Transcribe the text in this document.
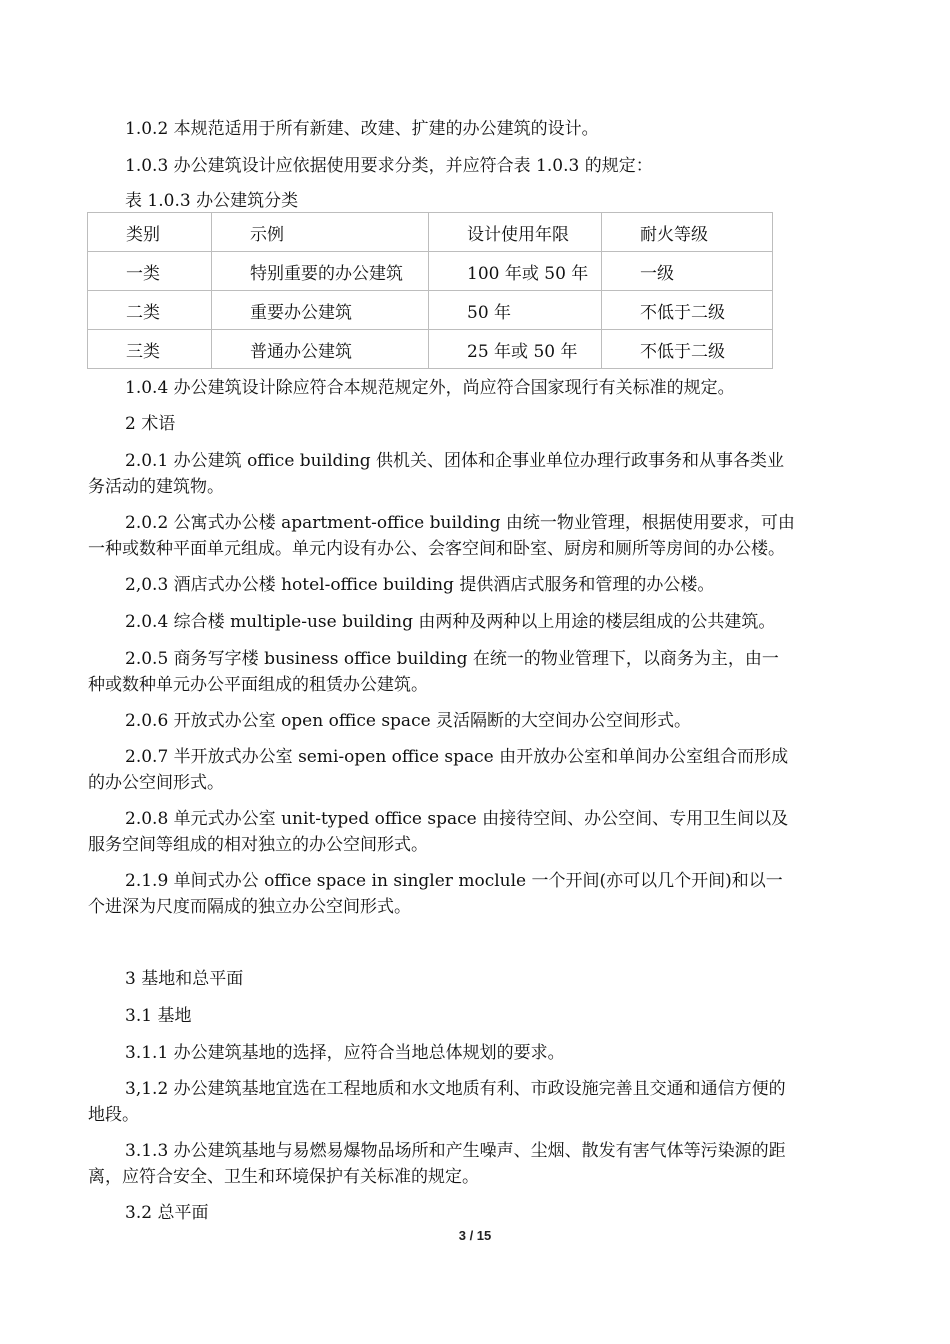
1.0.2 本规范适用于所有新建、改建、扩建的办公建筑的设计。
1.0.3 办公建筑设计应依据使用要求分类，并应符合表 1.0.3 的规定：
表 1.0.3 办公建筑分类
类别	示例	设计使用年限	耐火等级
一类	特别重要的办公建筑	100 年或 50 年	一级
二类	重要办公建筑	50 年	不低于二级
三类	普通办公建筑	25 年或 50 年	不低于二级
1.0.4 办公建筑设计除应符合本规范规定外，尚应符合国家现行有关标准的规定。
2 术语
2.0.1 办公建筑 office building 供机关、团体和企事业单位办理行政事务和从事各类业
务活动的建筑物。
2.0.2 公寓式办公楼 apartment-office building 由统一物业管理，根据使用要求，可由
一种或数种平面单元组成。单元内设有办公、会客空间和卧室、厨房和厕所等房间的办公楼。
2,0.3 酒店式办公楼 hotel-office building 提供酒店式服务和管理的办公楼。
2.0.4 综合楼 multiple-use building 由两种及两种以上用途的楼层组成的公共建筑。
2.0.5 商务写字楼 business office building 在统一的物业管理下，以商务为主，由一
种或数种单元办公平面组成的租赁办公建筑。
2.0.6 开放式办公室 open office space 灵活隔断的大空间办公空间形式。
2.0.7 半开放式办公室 semi-open office space 由开放办公室和单间办公室组合而形成
的办公空间形式。
2.0.8 单元式办公室 unit-typed office space 由接待空间、办公空间、专用卫生间以及
服务空间等组成的相对独立的办公空间形式。
2.1.9 单间式办公 office space in singler moclule 一个开间(亦可以几个开间)和以一
个进深为尺度而隔成的独立办公空间形式。
3 基地和总平面
3.1 基地
3.1.1 办公建筑基地的选择，应符合当地总体规划的要求。
3,1.2 办公建筑基地宜选在工程地质和水文地质有利、市政设施完善且交通和通信方便的
地段。
3.1.3 办公建筑基地与易燃易爆物品场所和产生噪声、尘烟、散发有害气体等污染源的距
离，应符合安全、卫生和环境保护有关标准的规定。
3.2 总平面
3 / 15
